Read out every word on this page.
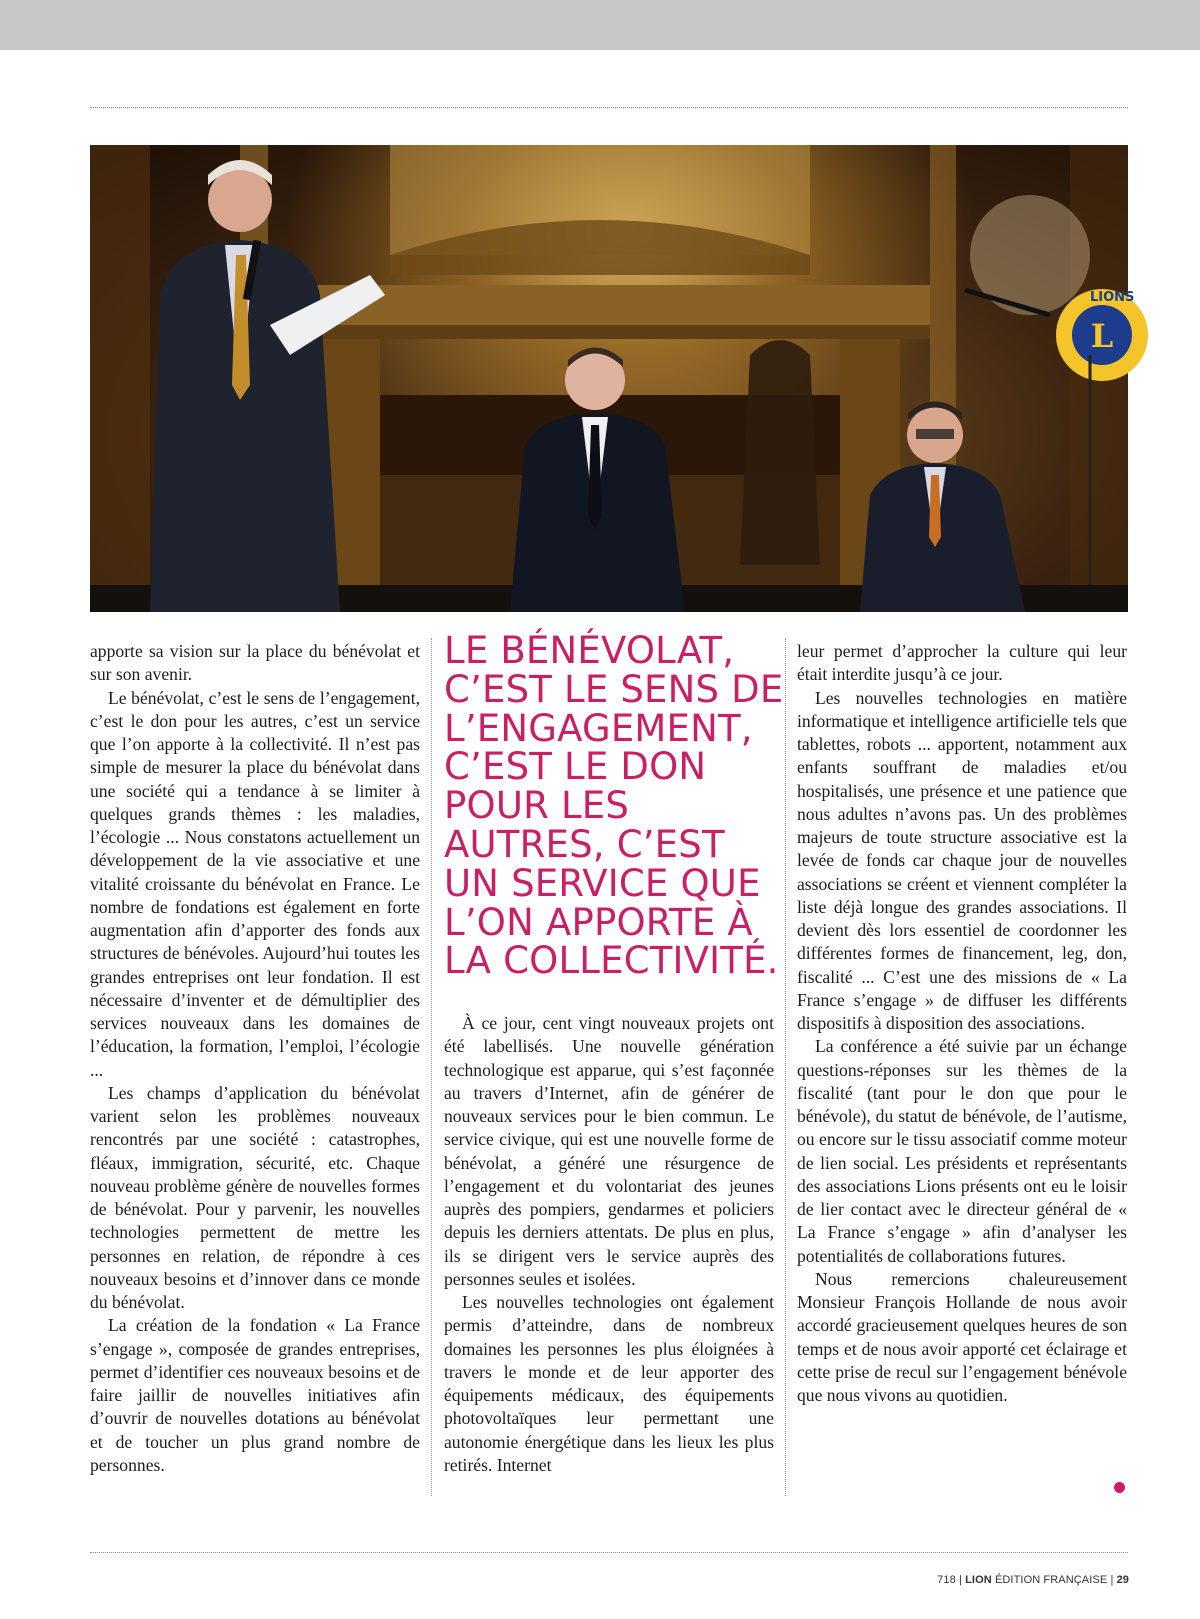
L
LIONS

apporte sa vision sur la place du bénévolat et sur son avenir.

Le bénévolat, c’est le sens de l’engagement, c’est le don pour les autres, c’est un service que l’on apporte à la collectivité. Il n’est pas simple de mesurer la place du bénévolat dans une société qui a tendance à se limiter à quelques grands thèmes : les maladies, l’écologie ... Nous constatons actuellement un développement de la vie associative et une vitalité croissante du bénévolat en France. Le nombre de fondations est également en forte augmentation afin d’apporter des fonds aux structures de bénévoles. Aujourd’hui toutes les grandes entreprises ont leur fondation. Il est nécessaire d’inventer et de démultiplier des services nouveaux dans les domaines de l’éducation, la formation, l’emploi, l’écologie ...

Les champs d’application du bénévolat varient selon les problèmes nouveaux rencontrés par une société : catastrophes, fléaux, immigration, sécurité, etc. Chaque nouveau problème génère de nouvelles formes de bénévolat. Pour y parvenir, les nouvelles technologies permettent de mettre les personnes en relation, de répondre à ces nouveaux besoins et d’innover dans ce monde du bénévolat.

La création de la fondation « La France s’engage », composée de grandes entreprises, permet d’identifier ces nouveaux besoins et de faire jaillir de nouvelles initiatives afin d’ouvrir de nouvelles dotations au bénévolat et de toucher un plus grand nombre de personnes.

LE BÉNÉVOLAT, C’EST LE SENS DE L’ENGAGEMENT, C’EST LE DON POUR LES AUTRES, C’EST UN SERVICE QUE L’ON APPORTE À LA COLLECTIVITÉ.

À ce jour, cent vingt nouveaux projets ont été labellisés. Une nouvelle génération technologique est apparue, qui s’est façonnée au travers d’Internet, afin de générer de nouveaux services pour le bien commun. Le service civique, qui est une nouvelle forme de bénévolat, a généré une résurgence de l’engagement et du volontariat des jeunes auprès des pompiers, gendarmes et policiers depuis les derniers attentats. De plus en plus, ils se dirigent vers le service auprès des personnes seules et isolées.

Les nouvelles technologies ont également permis d’atteindre, dans de nombreux domaines les personnes les plus éloignées à travers le monde et de leur apporter des équipements médicaux, des équipements photovoltaïques leur permettant une autonomie énergétique dans les lieux les plus retirés. Internet

leur permet d’approcher la culture qui leur était interdite jusqu’à ce jour.

Les nouvelles technologies en matière informatique et intelligence artificielle tels que tablettes, robots ... apportent, notamment aux enfants souffrant de maladies et/ou hospitalisés, une présence et une patience que nous adultes n’avons pas. Un des problèmes majeurs de toute structure associative est la levée de fonds car chaque jour de nouvelles associations se créent et viennent compléter la liste déjà longue des grandes associations. Il devient dès lors essentiel de coordonner les différentes formes de financement, leg, don, fiscalité ... C’est une des missions de « La France s’engage » de diffuser les différents dispositifs à disposition des associations.

La conférence a été suivie par un échange questions-réponses sur les thèmes de la fiscalité (tant pour le don que pour le bénévole), du statut de bénévole, de l’autisme, ou encore sur le tissu associatif comme moteur de lien social. Les présidents et représentants des associations Lions présents ont eu le loisir de lier contact avec le directeur général de « La France s’engage » afin d’analyser les potentialités de collaborations futures.

Nous remercions chaleureusement Monsieur François Hollande de nous avoir accordé gracieusement quelques heures de son temps et de nous avoir apporté cet éclairage et cette prise de recul sur l’engagement bénévole que nous vivons au quotidien.

718 | LION ÉDITION FRANÇAISE | 29
